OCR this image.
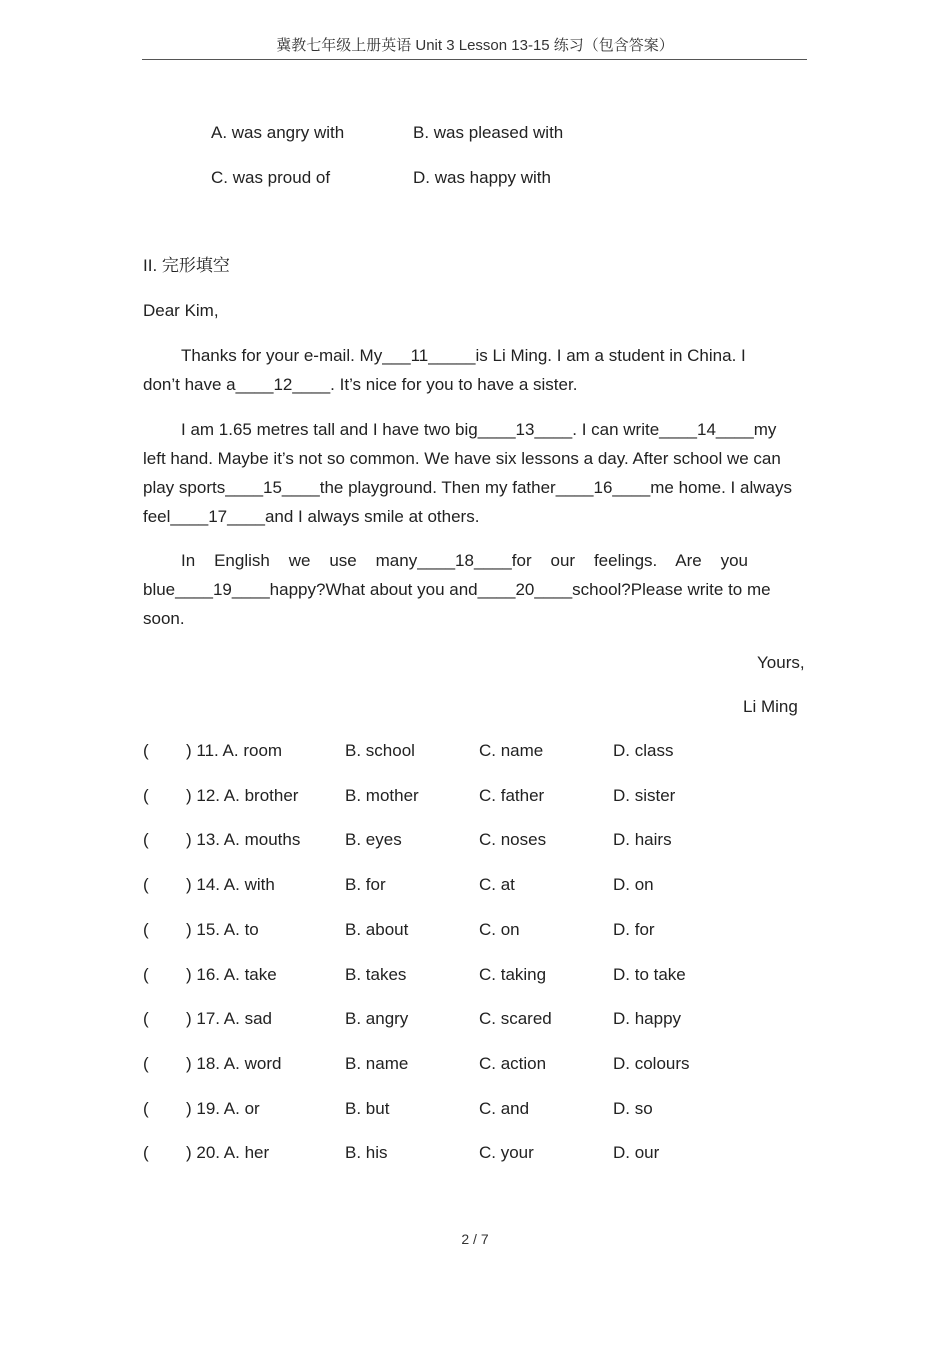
冀教七年级上册英语 Unit 3 Lesson 13-15 练习（包含答案）
A. was angry with	B. was pleased with
C. was proud of	D. was happy with
II. 完形填空
Dear Kim,
Thanks for your e-mail. My___11_____is Li Ming. I am a student in China. I
don’t have a____12____. It’s nice for you to have a sister.
I am 1.65 metres tall and I have two big____13____. I can write____14____my
left hand. Maybe it’s not so common. We have six lessons a day. After school we can
play sports____15____the playground. Then my father____16____me home. I always
feel____17____and I always smile at others.
In    English    we    use    many____18____for    our    feelings.    Are    you
blue____19____happy?What about you and____20____school?Please write to me
soon.
Yours,
Li Ming
( ) 11. A. room	B. school	C. name	D. class
( ) 12. A. brother	B. mother	C. father	D. sister
( ) 13. A. mouths	B. eyes	C. noses	D. hairs
( ) 14. A. with	B. for	C. at	D. on
( ) 15. A. to	B. about	C. on	D. for
( ) 16. A. take	B. takes	C. taking	D. to take
( ) 17. A. sad	B. angry	C. scared	D. happy
( ) 18. A. word	B. name	C. action	D. colours
( ) 19. A. or	B. but	C. and	D. so
( ) 20. A. her	B. his	C. your	D. our
2 / 7
